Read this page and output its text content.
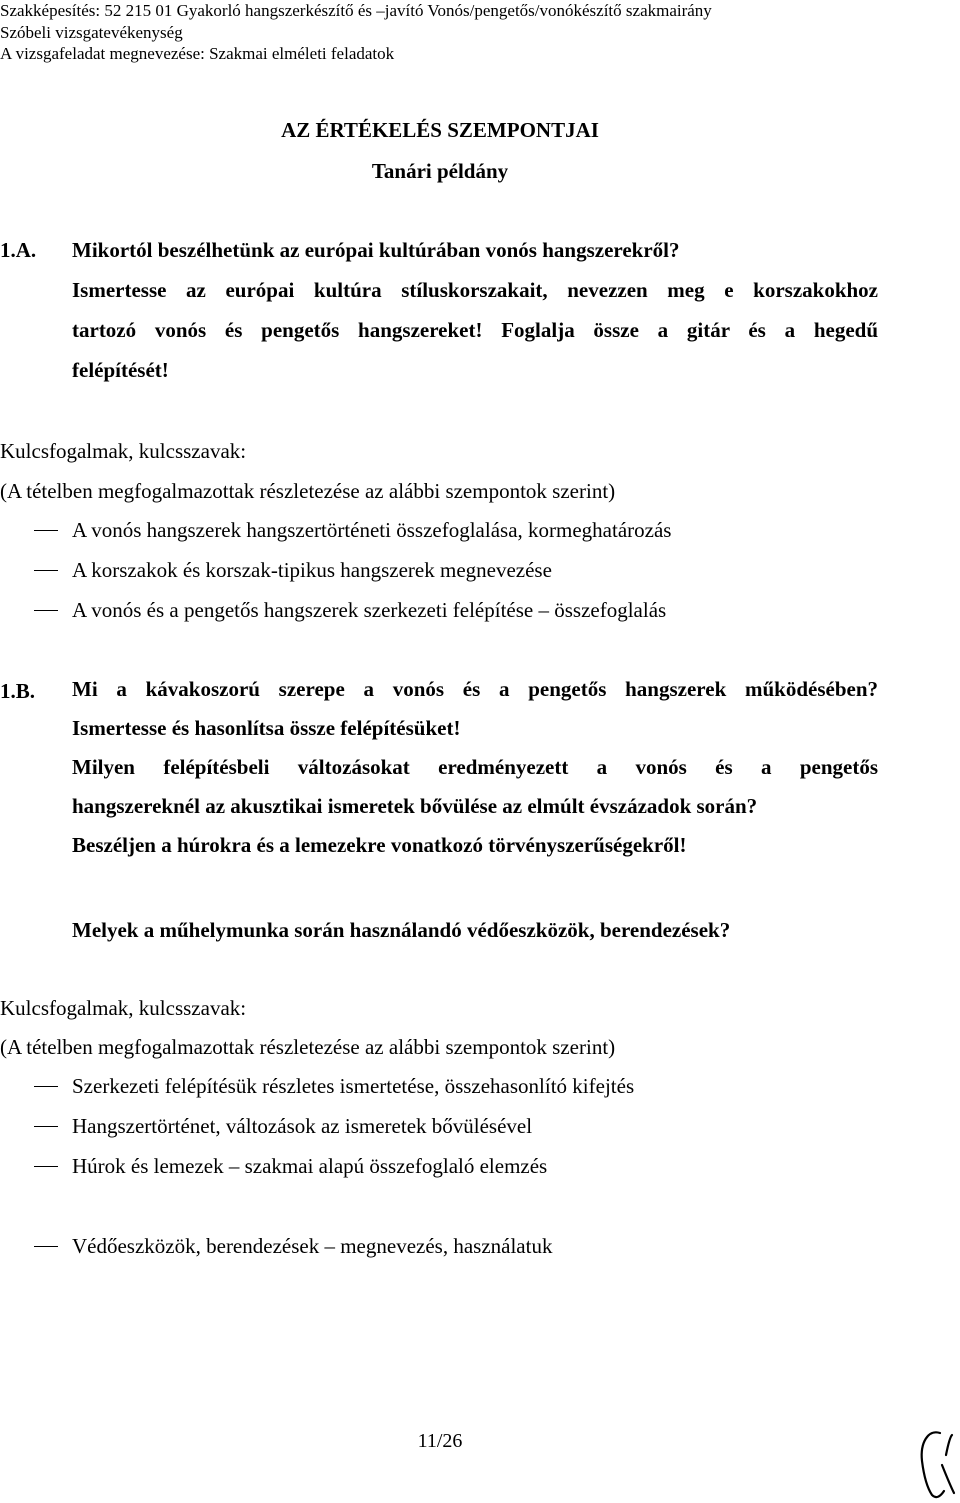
Szakképesítés: 52 215 01 Gyakorló hangszerkészítő és –javító Vonós/pengetős/vonókészítő szakmairány
Szóbeli vizsgatevékenység
A vizsgafeladat megnevezése: Szakmai elméleti feladatok
AZ ÉRTÉKELÉS SZEMPONTJAI
Tanári példány
1.A. Mikortól beszélhetünk az európai kultúrában vonós hangszerekről?

Ismertesse az európai kultúra stíluskorszakait, nevezzen meg e korszakokhoz

tartozó vonós és pengetős hangszereket! Foglalja össze a gitár és a hegedű

felépítését!

Kulcsfogalmak, kulcsszavak:
(A tételben megfogalmazottak részletezése az alábbi szempontok szerint)
A vonós hangszerek hangszertörténeti összefoglalása, kormeghatározás
A korszakok és korszak-tipikus hangszerek megnevezése
A vonós és a pengetős hangszerek szerkezeti felépítése – összefoglalás
1.B. Mi a kávakoszorú szerepe a vonós és a pengetős hangszerek működésében?

Ismertesse és hasonlítsa össze felépítésüket!

Milyen felépítésbeli változásokat eredményezett a vonós és a pengetős

hangszereknél az akusztikai ismeretek bővülése az elmúlt évszázadok során?

Beszéljen a húrokra és a lemezekre vonatkozó törvényszerűségekről!

Melyek a műhelymunka során használandó védőeszközök, berendezések?

Kulcsfogalmak, kulcsszavak:
(A tételben megfogalmazottak részletezése az alábbi szempontok szerint)
Szerkezeti felépítésük részletes ismertetése, összehasonlító kifejtés
Hangszertörténet, változások az ismeretek bővülésével
Húrok és lemezek – szakmai alapú összefoglaló elemzés
Védőeszközök, berendezések – megnevezés, használatuk
11/26
